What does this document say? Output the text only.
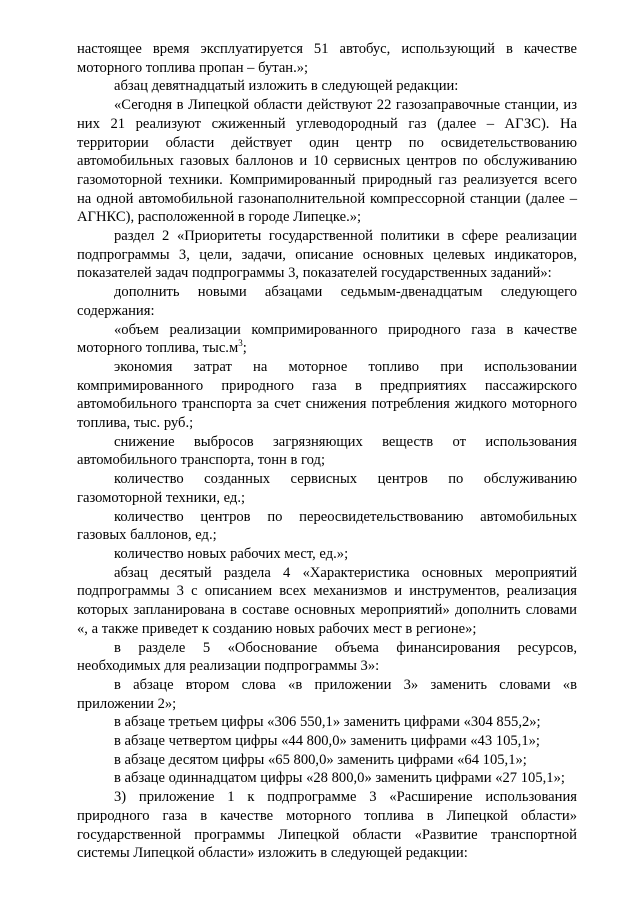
настоящее время эксплуатируется 51 автобус, использующий в качестве моторного топлива пропан – бутан.»;

абзац девятнадцатый изложить в следующей редакции:

«Сегодня в Липецкой области действуют 22 газозаправочные станции, из них 21 реализуют сжиженный углеводородный газ (далее – АГЗС). На территории области действует один центр по освидетельствованию автомобильных газовых баллонов и 10 сервисных центров по обслуживанию газомоторной техники. Компримированный природный газ реализуется всего на одной автомобильной газонаполнительной компрессорной станции (далее – АГНКС), расположенной в городе Липецке.»;

раздел 2 «Приоритеты государственной политики в сфере реализации подпрограммы 3, цели, задачи, описание основных целевых индикаторов, показателей задач подпрограммы 3, показателей государственных заданий»:

дополнить новыми абзацами седьмым-двенадцатым следующего содержания:

«объем реализации компримированного природного газа в качестве моторного топлива, $тыс.м^3$;

экономия затрат на моторное топливо при использовании компримированного природного газа в предприятиях пассажирского автомобильного транспорта за счет снижения потребления жидкого моторного топлива, тыс. руб.;

снижение выбросов загрязняющих веществ от использования автомобильного транспорта, тонн в год;

количество созданных сервисных центров по обслуживанию газомоторной техники, ед.;

количество центров по переосвидетельствованию автомобильных газовых баллонов, ед.;

количество новых рабочих мест, ед.»;

абзац десятый раздела 4 «Характеристика основных мероприятий подпрограммы 3 с описанием всех механизмов и инструментов, реализация которых запланирована в составе основных мероприятий» дополнить словами «, а также приведет к созданию новых рабочих мест в регионе»;

в разделе 5 «Обоснование объема финансирования ресурсов, необходимых для реализации подпрограммы 3»:

в абзаце втором слова «в приложении 3» заменить словами «в приложении 2»;

в абзаце третьем цифры «306 550,1» заменить цифрами «304 855,2»;

в абзаце четвертом цифры «44 800,0» заменить цифрами «43 105,1»;

в абзаце десятом цифры «65 800,0» заменить цифрами «64 105,1»;

в абзаце одиннадцатом цифры «28 800,0» заменить цифрами «27 105,1»;

3) приложение 1 к подпрограмме 3 «Расширение использования природного газа в качестве моторного топлива в Липецкой области» государственной программы Липецкой области «Развитие транспортной системы Липецкой области» изложить в следующей редакции:
